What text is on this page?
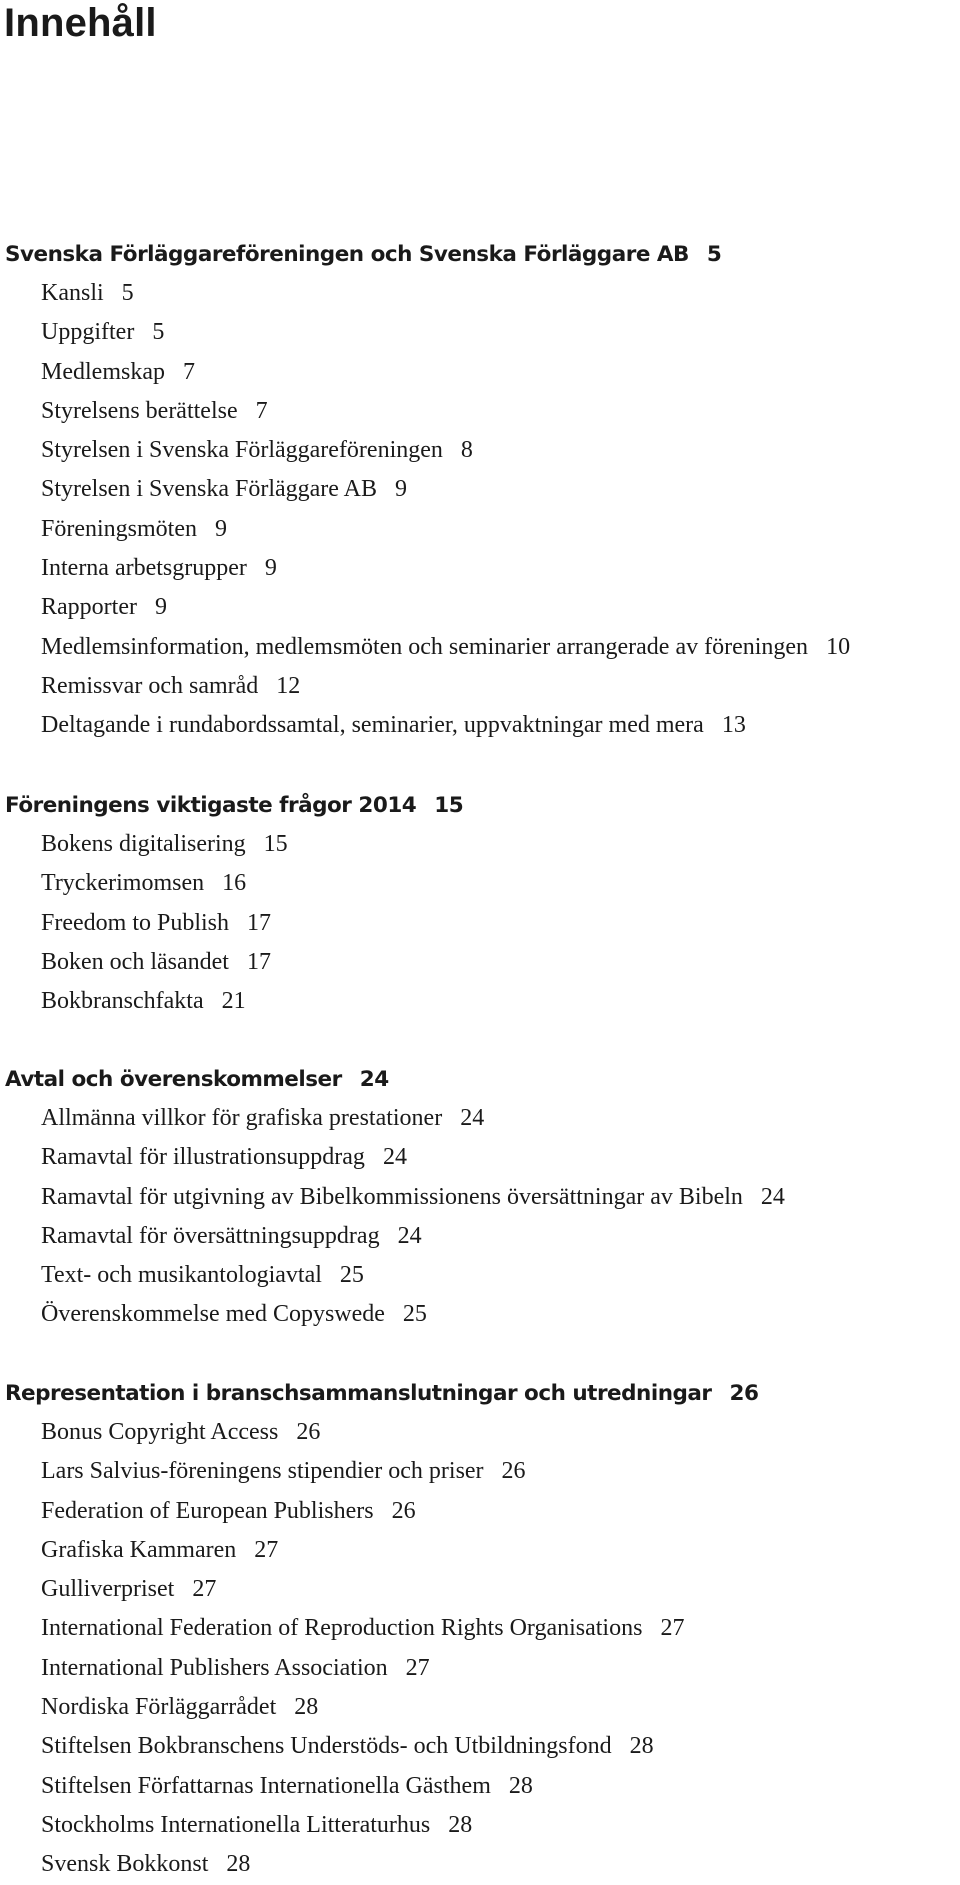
Innehåll
Svenska Förläggareföreningen och Svenska Förläggare AB 5
Kansli 5
Uppgifter 5
Medlemskap 7
Styrelsens berättelse 7
Styrelsen i Svenska Förläggareföreningen 8
Styrelsen i Svenska Förläggare AB 9
Föreningsmöten 9
Interna arbetsgrupper 9
Rapporter 9
Medlemsinformation, medlemsmöten och seminarier arrangerade av föreningen 10
Remissvar och samråd 12
Deltagande i rundabordssamtal, seminarier, uppvaktningar med mera 13
Föreningens viktigaste frågor 2014 15
Bokens digitalisering 15
Tryckerimomsen 16
Freedom to Publish 17
Boken och läsandet 17
Bokbranschfakta 21
Avtal och överenskommelser 24
Allmänna villkor för grafiska prestationer 24
Ramavtal för illustrationsuppdrag 24
Ramavtal för utgivning av Bibelkommissionens översättningar av Bibeln 24
Ramavtal för översättningsuppdrag 24
Text- och musikantologiavtal 25
Överenskommelse med Copyswede 25
Representation i branschsammanslutningar och utredningar 26
Bonus Copyright Access 26
Lars Salvius-föreningens stipendier och priser 26
Federation of European Publishers 26
Grafiska Kammaren 27
Gulliverpriset 27
International Federation of Reproduction Rights Organisations 27
International Publishers Association 27
Nordiska Förläggarrådet 28
Stiftelsen Bokbranschens Understöds- och Utbildningsfond 28
Stiftelsen Författarnas Internationella Gästhem 28
Stockholms Internationella Litteraturhus 28
Svensk Bokkonst 28
